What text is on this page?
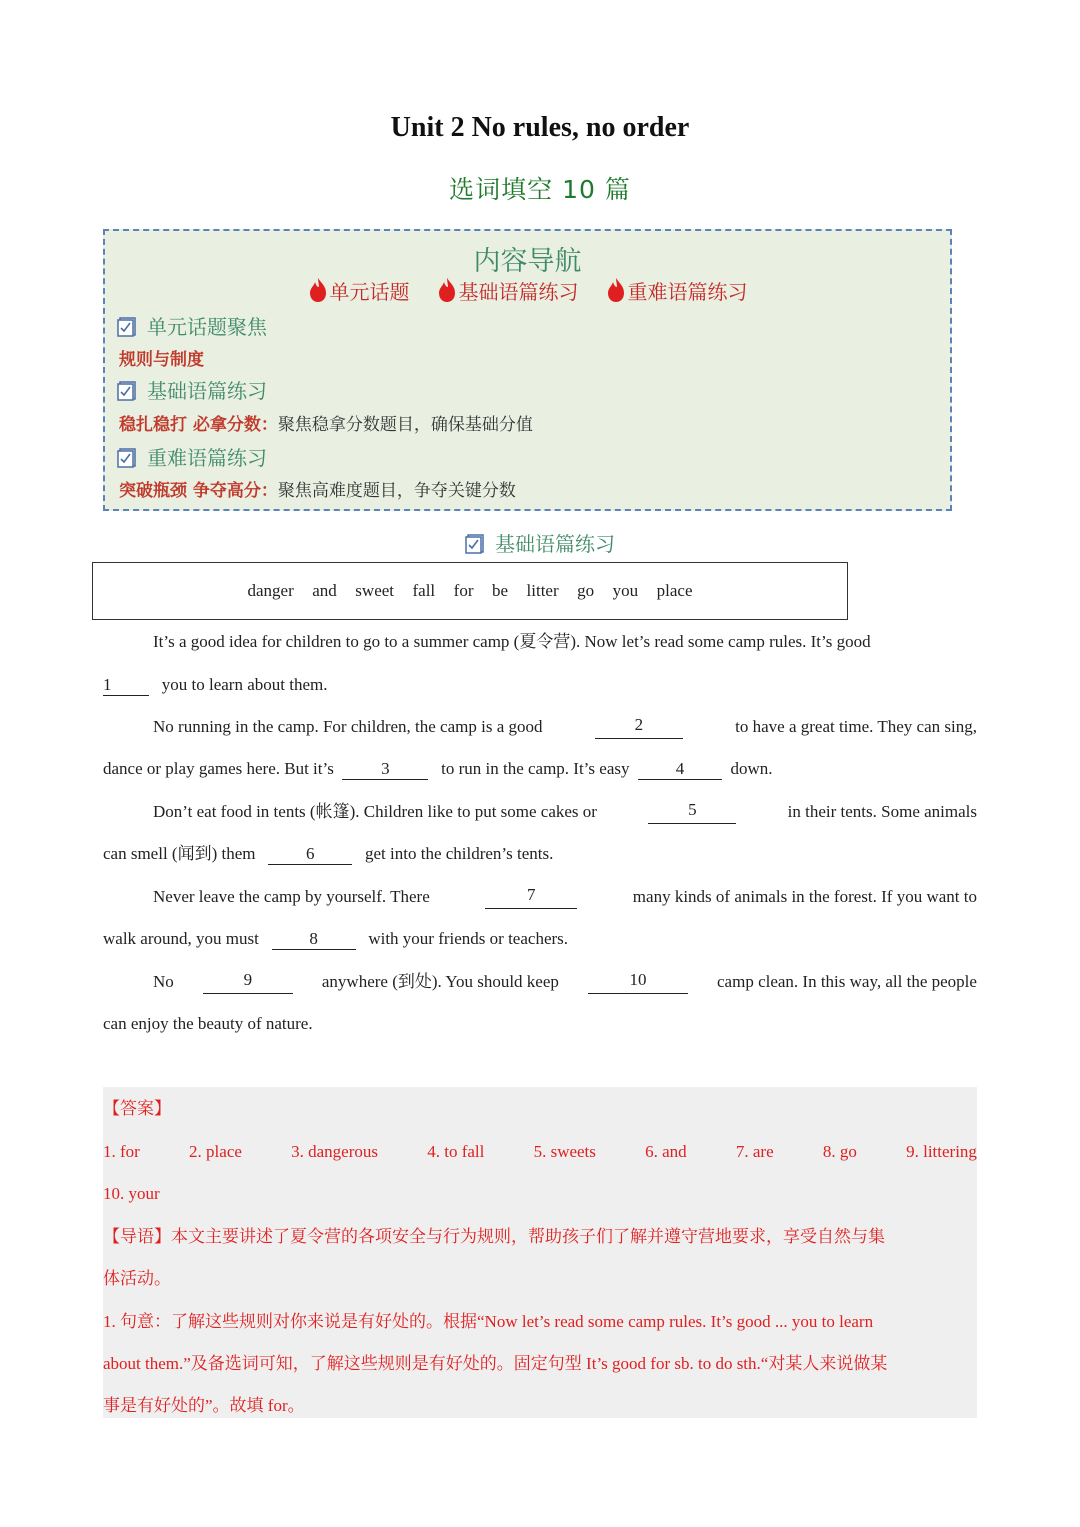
Unit 2 No rules, no order
选词填空 10 篇
内容导航
单元话题 基础语篇练习 重难语篇练习
单元话题聚焦
规则与制度
基础语篇练习
稳扎稳打 必拿分数：聚焦稳拿分数题目，确保基础分值
重难语篇练习
突破瓶颈 争夺高分：聚焦高难度题目，争夺关键分数
基础语篇练习
danger  and  sweet  fall  for  be  litter  go  you  place
It’s a good idea for children to go to a summer camp (夏令营). Now let’s read some camp rules. It’s good
1	you to learn about them.
No running in the camp. For children, the camp is a good	2	to have a great time. They can sing,
dance or play games here. But it’s	3	to run in the camp. It’s easy	4	down.
Don’t eat food in tents (帐篷). Children like to put some cakes or	5	in their tents. Some animals
can smell (闻到) them	6	get into the children’s tents.
Never leave the camp by yourself. There	7	many kinds of animals in the forest. If you want to
walk around, you must	8	with your friends or teachers.
No	9	anywhere (到处). You should keep	10	camp clean. In this way, all the people
can enjoy the beauty of nature.
【答案】
1. for	2. place	3. dangerous	4. to fall	5. sweets	6. and	7. are	8. go	9. littering
10. your
【导语】本文主要讲述了夏令营的各项安全与行为规则，帮助孩子们了解并遵守营地要求，享受自然与集
体活动。
1. 句意：了解这些规则对你来说是有好处的。根据“Now let’s read some camp rules. It’s good ... you to learn
about them.”及备选词可知，了解这些规则是有好处的。固定句型 It’s good for sb. to do sth.“对某人来说做某
事是有好处的”。故填 for。
